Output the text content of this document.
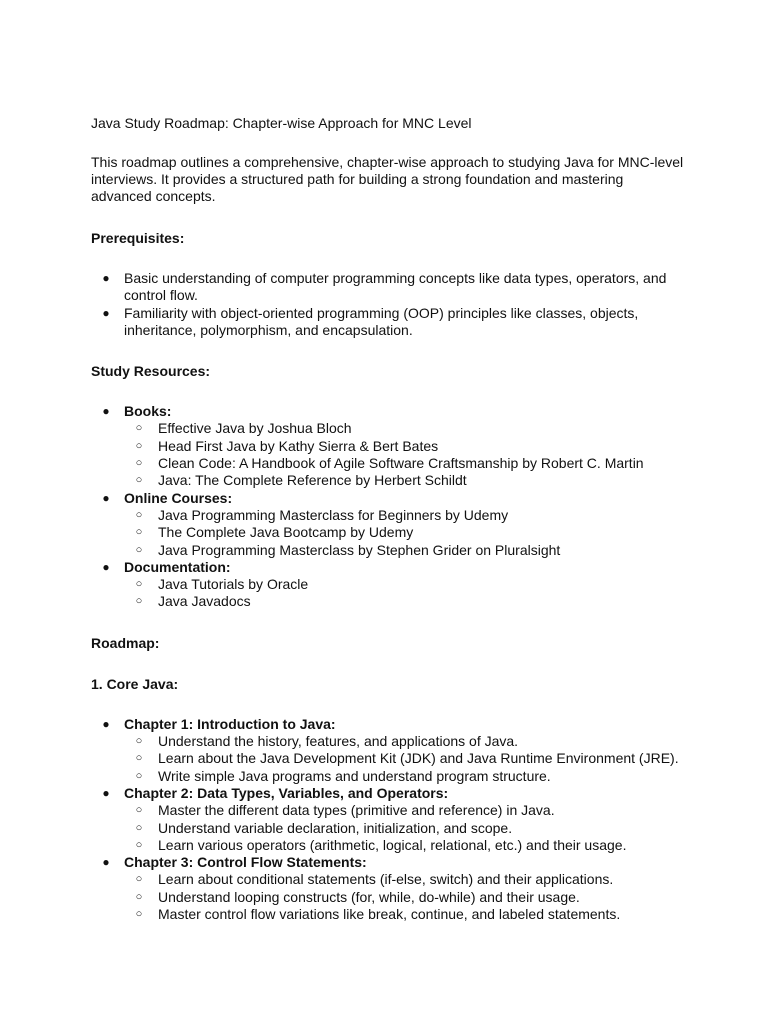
Java Study Roadmap: Chapter-wise Approach for MNC Level
This roadmap outlines a comprehensive, chapter-wise approach to studying Java for MNC-level
interviews. It provides a structured path for building a strong foundation and mastering
advanced concepts.
Prerequisites:
● Basic understanding of computer programming concepts like data types, operators, and
control flow.
● Familiarity with object-oriented programming (OOP) principles like classes, objects,
inheritance, polymorphism, and encapsulation.
Study Resources:
● Books:
○ Effective Java by Joshua Bloch
○ Head First Java by Kathy Sierra & Bert Bates
○ Clean Code: A Handbook of Agile Software Craftsmanship by Robert C. Martin
○ Java: The Complete Reference by Herbert Schildt
● Online Courses:
○ Java Programming Masterclass for Beginners by Udemy
○ The Complete Java Bootcamp by Udemy
○ Java Programming Masterclass by Stephen Grider on Pluralsight
● Documentation:
○ Java Tutorials by Oracle
○ Java Javadocs
Roadmap:
1. Core Java:
● Chapter 1: Introduction to Java:
○ Understand the history, features, and applications of Java.
○ Learn about the Java Development Kit (JDK) and Java Runtime Environment (JRE).
○ Write simple Java programs and understand program structure.
● Chapter 2: Data Types, Variables, and Operators:
○ Master the different data types (primitive and reference) in Java.
○ Understand variable declaration, initialization, and scope.
○ Learn various operators (arithmetic, logical, relational, etc.) and their usage.
● Chapter 3: Control Flow Statements:
○ Learn about conditional statements (if-else, switch) and their applications.
○ Understand looping constructs (for, while, do-while) and their usage.
○ Master control flow variations like break, continue, and labeled statements.
